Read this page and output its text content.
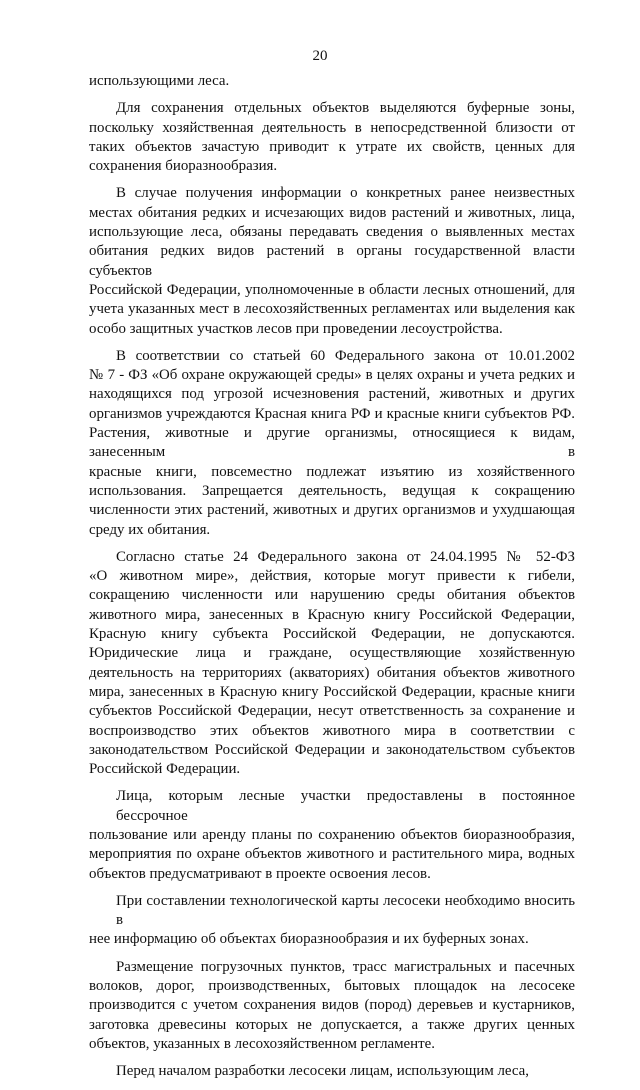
20
использующими леса.
Для сохранения отдельных объектов выделяются буферные зоны,
поскольку хозяйственная деятельность в непосредственной близости от
таких объектов зачастую приводит к утрате их свойств, ценных для
сохранения биоразнообразия.
В случае получения информации о конкретных ранее неизвестных
местах обитания редких и исчезающих видов растений и животных, лица,
использующие леса, обязаны передавать сведения о выявленных местах
обитания редких видов растений в органы государственной власти субъектов
Российской Федерации, уполномоченные в области лесных отношений, для
учета указанных мест в лесохозяйственных регламентах или выделения как
особо защитных участков лесов при проведении лесоустройства.
В соответствии со статьей 60 Федерального закона от 10.01.2002
№ 7 - ФЗ «Об охране окружающей среды» в целях охраны и учета редких и
находящихся под угрозой исчезновения растений, животных и других
организмов учреждаются Красная книга РФ и красные книги субъектов РФ.
Растения, животные и другие организмы, относящиеся к видам, занесенным в
красные книги, повсеместно подлежат изъятию из хозяйственного
использования. Запрещается деятельность, ведущая к сокращению
численности этих растений, животных и других организмов и ухудшающая
среду их обитания.
Согласно статье 24 Федерального закона от 24.04.1995 № 52-ФЗ
«О животном мире», действия, которые могут привести к гибели,
сокращению численности или нарушению среды обитания объектов
животного мира, занесенных в Красную книгу Российской Федерации,
Красную книгу субъекта Российской Федерации, не допускаются.
Юридические лица и граждане, осуществляющие хозяйственную
деятельность на территориях (акваториях) обитания объектов животного
мира, занесенных в Красную книгу Российской Федерации, красные книги
субъектов Российской Федерации, несут ответственность за сохранение и
воспроизводство этих объектов животного мира в соответствии с
законодательством Российской Федерации и законодательством субъектов
Российской Федерации.
Лица, которым лесные участки предоставлены в постоянное бессрочное
пользование или аренду планы по сохранению объектов биоразнообразия,
мероприятия по охране объектов животного и растительного мира, водных
объектов предусматривают в проекте освоения лесов.
При составлении технологической карты лесосеки необходимо вносить в
нее информацию об объектах биоразнообразия и их буферных зонах.
Размещение погрузочных пунктов, трасс магистральных и пасечных
волоков, дорог, производственных, бытовых площадок на лесосеке
производится с учетом сохранения видов (пород) деревьев и кустарников,
заготовка древесины которых не допускается, а также других ценных
объектов, указанных в лесохозяйственном регламенте.
Перед началом разработки лесосеки лицам, использующим леса,
